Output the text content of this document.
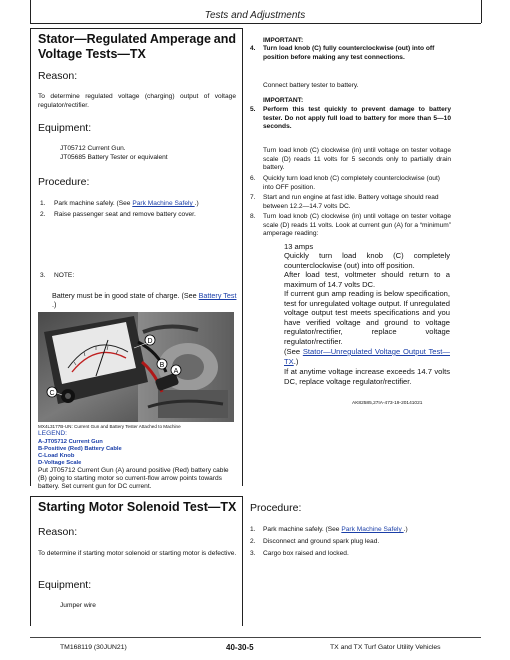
Tests and Adjustments
Stator—Regulated Amperage and
Voltage Tests—TX
Reason:
To determine regulated voltage (charging) output of voltage regulator/rectifier.
Equipment:
JT05712 Current Gun.
JT05685 Battery Tester or equivalent
Procedure:
1. Park machine safely. (See Park Machine Safely .)
2. Raise passenger seat and remove battery cover.
3. NOTE:
Battery must be in good state of charge. (See Battery Test .)
D
B
A
C
MX4L3177B-UN: Current Gun and Battery Tester Attached to Machine
LEGEND:
A-JT05712 Current Gun
B-Positive (Red) Battery Cable
C-Load Knob
D-Voltage Scale
Put JT05712 Current Gun (A) around positive (Red) battery cable (B) going to starting motor so current-flow arrow points towards battery. Set current gun for DC current.
IMPORTANT:
4. Turn load knob (C) fully counterclockwise (out) into off position before making any test connections.
Connect battery tester to battery.
IMPORTANT:
5. Perform this test quickly to prevent damage to battery tester. Do not apply full load to battery for more than 5—10 seconds.
Turn load knob (C) clockwise (in) until voltage on tester voltage scale (D) reads 11 volts for 5 seconds only to partially drain battery.
6. Quickly turn load knob (C) completely counterclockwise (out) into OFF position.
7. Start and run engine at fast idle. Battery voltage should read between 12.2—14.7 volts DC.
8. Turn load knob (C) clockwise (in) until voltage on tester voltage scale (D) reads 11 volts. Look at current gun (A) for a “minimum” amperage reading:
13 amps
Quickly turn load knob (C) completely counterclockwise (out) into off position.
After load test, voltmeter should return to a maximum of 14.7 volts DC.
If current gun amp reading is below specification, test for unregulated voltage output. If unregulated voltage output test meets specifications and you have verified voltage and ground to voltage regulator/rectifier, replace voltage regulator/rectifier.
(See Stator—Unregulated Voltage Output Test—TX.)
If at anytime voltage increase exceeds 14.7 volts DC, replace voltage regulator/rectifier.
AK82585,27IA-473-19-20141021
Starting Motor Solenoid Test—TX
Reason:
To determine if starting motor solenoid or starting motor is defective.
Equipment:
Jumper wire
Procedure:
1. Park machine safely. (See Park Machine Safely .)
2. Disconnect and ground spark plug lead.
3. Cargo box raised and locked.
TM168119 (30JUN21)	40-30-5	TX and TX Turf Gator Utility Vehicles
